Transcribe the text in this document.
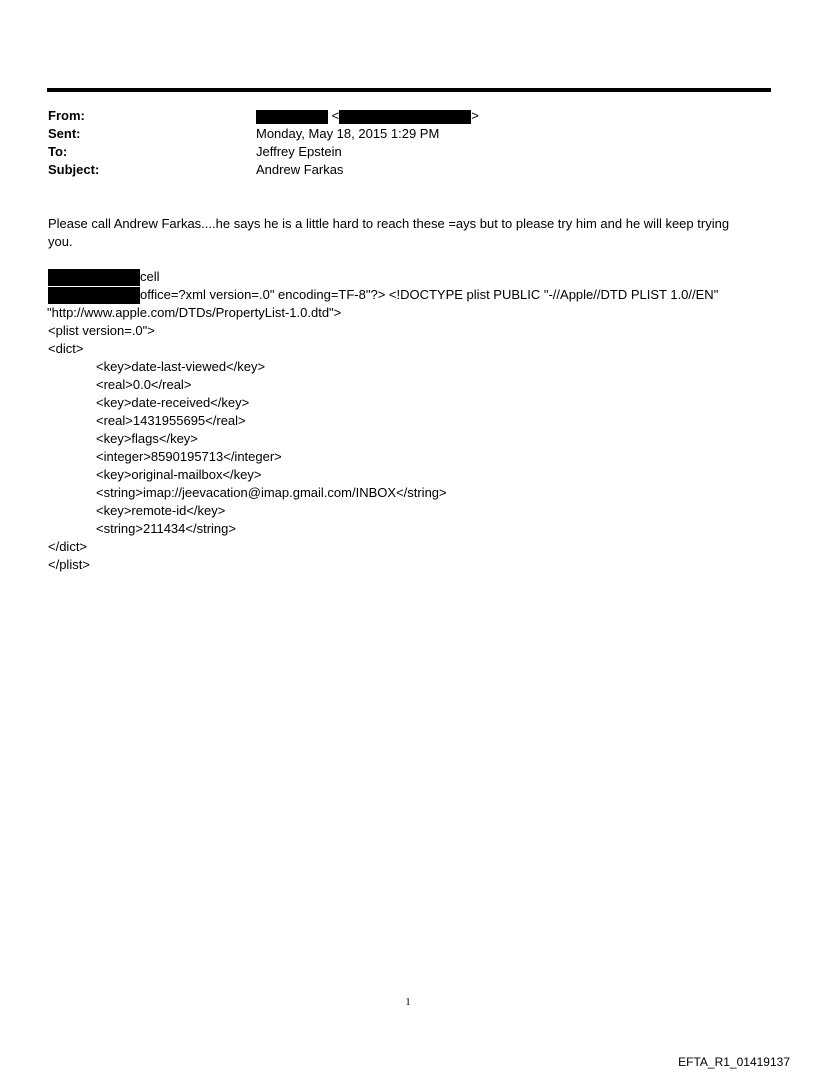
From:	<	>
Sent:	Monday, May 18, 2015 1:29 PM
To:	Jeffrey Epstein
Subject:	Andrew Farkas
Please call Andrew Farkas....he says he is a little hard to reach these =ays but to please try him and he will keep trying
you.
cell
office=?xml version=.0" encoding=TF-8"?> <!DOCTYPE plist PUBLIC "-//Apple//DTD PLIST 1.0//EN"
"http://www.apple.com/DTDs/PropertyList-1.0.dtd">
<plist version=.0">
<dict>
<key>date-last-viewed</key>
<real>0.0</real>
<key>date-received</key>
<real>1431955695</real>
<key>flags</key>
<integer>8590195713</integer>
<key>original-mailbox</key>
<string>imap://jeevacation@imap.gmail.com/INBOX</string>
<key>remote-id</key>
<string>211434</string>
</dict>
</plist>
1
EFTA_R1_01419137
